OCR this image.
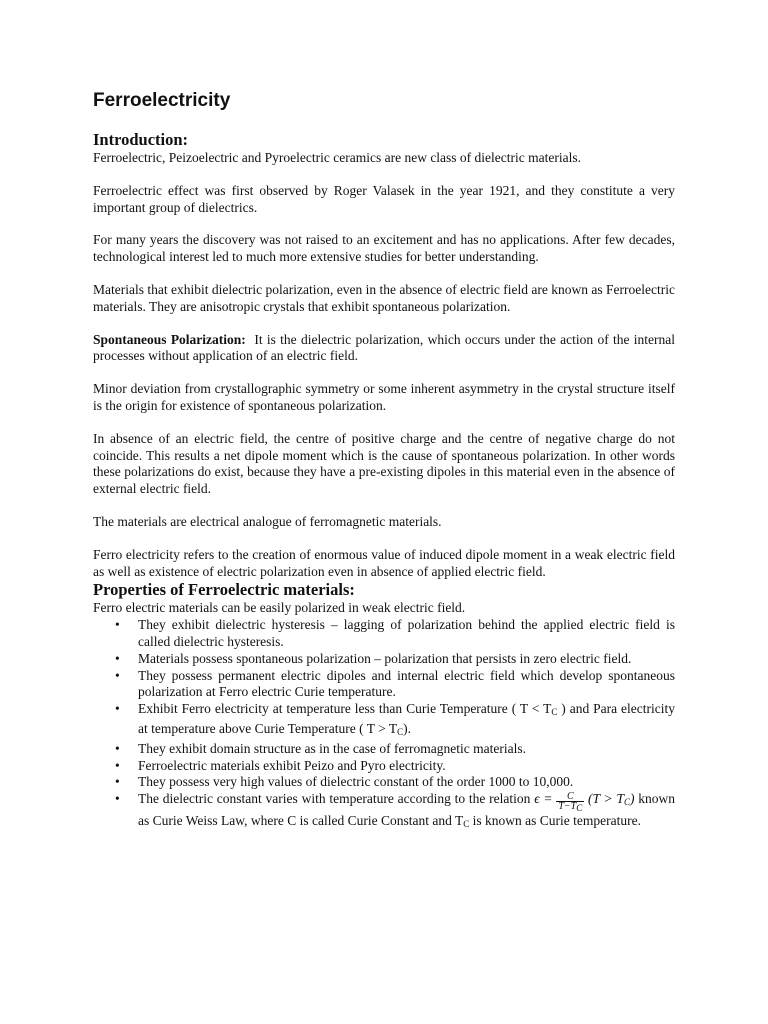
Ferroelectricity
Introduction:

Ferroelectric, Peizoelectric and Pyroelectric ceramics are new class of dielectric materials.

Ferroelectric effect was first observed by Roger Valasek in the year 1921, and they constitute a very important group of dielectrics.

For many years the discovery was not raised to an excitement and has no applications. After few decades, technological interest led to much more extensive studies for better understanding.

Materials that exhibit dielectric polarization, even in the absence of electric field are known as Ferroelectric materials. They are anisotropic crystals that exhibit spontaneous polarization.

Spontaneous Polarization:  It is the dielectric polarization, which occurs under the action of the internal processes without application of an electric field.

Minor deviation from crystallographic symmetry or some inherent asymmetry in the crystal structure itself is the origin for existence of spontaneous polarization.

In absence of an electric field, the centre of positive charge and the centre of negative charge do not coincide. This results a net dipole moment which is the cause of spontaneous polarization. In other words these polarizations do exist, because they have a pre-existing dipoles in this material even in the absence of external electric field.

The materials are electrical analogue of ferromagnetic materials.

Ferro electricity refers to the creation of enormous value of induced dipole moment in a weak electric field as well as existence of electric polarization even in absence of applied electric field.

Properties of Ferroelectric materials:

Ferro electric materials can be easily polarized in weak electric field.

• They exhibit dielectric hysteresis – lagging of polarization behind the applied electric field is called dielectric hysteresis.
• Materials possess spontaneous polarization – polarization that persists in zero electric field.
• They possess permanent electric dipoles and internal electric field which develop spontaneous polarization at Ferro electric Curie temperature.
• Exhibit Ferro electricity at temperature less than Curie Temperature ( $T < T_C$ ) and Para electricity at temperature above Curie Temperature ( $T > T_C$).
• They exhibit domain structure as in the case of ferromagnetic materials.
• Ferroelectric materials exhibit Peizo and Pyro electricity.
• They possess very high values of dielectric constant of the order 1000 to 10,000.
• The dielectric constant varies with temperature according to the relation $\epsilon = \frac{C}{T-T_C} (T > T_C)$ known as Curie Weiss Law, where C is called Curie Constant and $T_C$ is known as Curie temperature.
